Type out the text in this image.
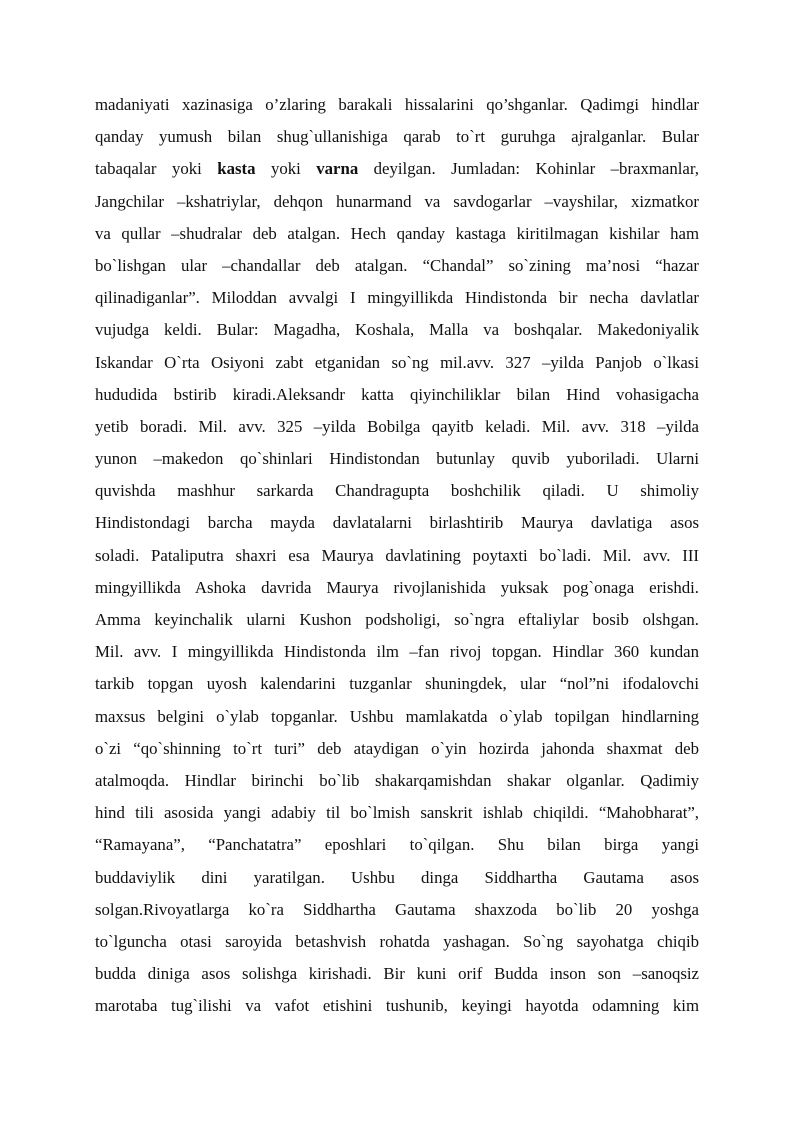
madaniyati xazinasiga o’zlaring barakali hissalarini qo’shganlar. Qadimgi hindlar
qanday yumush bilan shug`ullanishiga qarab to`rt guruhga ajralganlar. Bular
tabaqalar yoki kasta yoki varna deyilgan. Jumladan: Kohinlar –braxmanlar,
Jangchilar –kshatriylar, dehqon hunarmand va savdogarlar –vayshilar, xizmatkor
va qullar –shudralar deb atalgan. Hech qanday kastaga kiritilmagan kishilar ham
bo`lishgan ular –chandallar deb atalgan. “Chandal” so`zining ma’nosi “hazar
qilinadiganlar”. Miloddan avvalgi I mingyillikda Hindistonda bir necha davlatlar
vujudga keldi. Bular: Magadha, Koshala, Malla va boshqalar. Makedoniyalik
Iskandar O`rta Osiyoni zabt etganidan so`ng mil.avv. 327 –yilda Panjob o`lkasi
hududida bstirib kiradi.Aleksandr katta qiyinchiliklar bilan Hind vohasigacha
yetib boradi. Mil. avv. 325 –yilda Bobilga qayitb keladi. Mil. avv. 318 –yilda
yunon –makedon qo`shinlari Hindistondan butunlay quvib yuboriladi. Ularni
quvishda mashhur sarkarda Chandragupta boshchilik qiladi. U shimoliy
Hindistondagi barcha mayda davlatalarni birlashtirib Maurya davlatiga asos
soladi. Pataliputra shaxri esa Maurya davlatining poytaxti bo`ladi. Mil. avv. III
mingyillikda Ashoka davrida Maurya rivojlanishida yuksak pog`onaga erishdi.
Amma keyinchalik ularni Kushon podsholigi, so`ngra eftaliylar bosib olshgan.
Mil. avv. I mingyillikda Hindistonda ilm –fan rivoj topgan. Hindlar 360 kundan
tarkib topgan uyosh kalendarini tuzganlar shuningdek, ular “nol”ni ifodalovchi
maxsus belgini o`ylab topganlar. Ushbu mamlakatda o`ylab topilgan hindlarning
o`zi “qo`shinning to`rt turi” deb ataydigan o`yin hozirda jahonda shaxmat deb
atalmoqda. Hindlar birinchi bo`lib shakarqamishdan shakar olganlar. Qadimiy
hind tili asosida yangi adabiy til bo`lmish sanskrit ishlab chiqildi. “Mahobharat”,
“Ramayana”, “Panchatatra” eposhlari to`qilgan. Shu bilan birga yangi
buddaviylik dini yaratilgan. Ushbu dinga Siddhartha Gautama asos
solgan.Rivoyatlarga ko`ra Siddhartha Gautama shaxzoda bo`lib 20 yoshga
to`lguncha otasi saroyida betashvish rohatda yashagan. So`ng sayohatga chiqib
budda diniga asos solishga kirishadi. Bir kuni orif Budda inson son –sanoqsiz
marotaba tug`ilishi va vafot etishini tushunib, keyingi hayotda odamning kim
